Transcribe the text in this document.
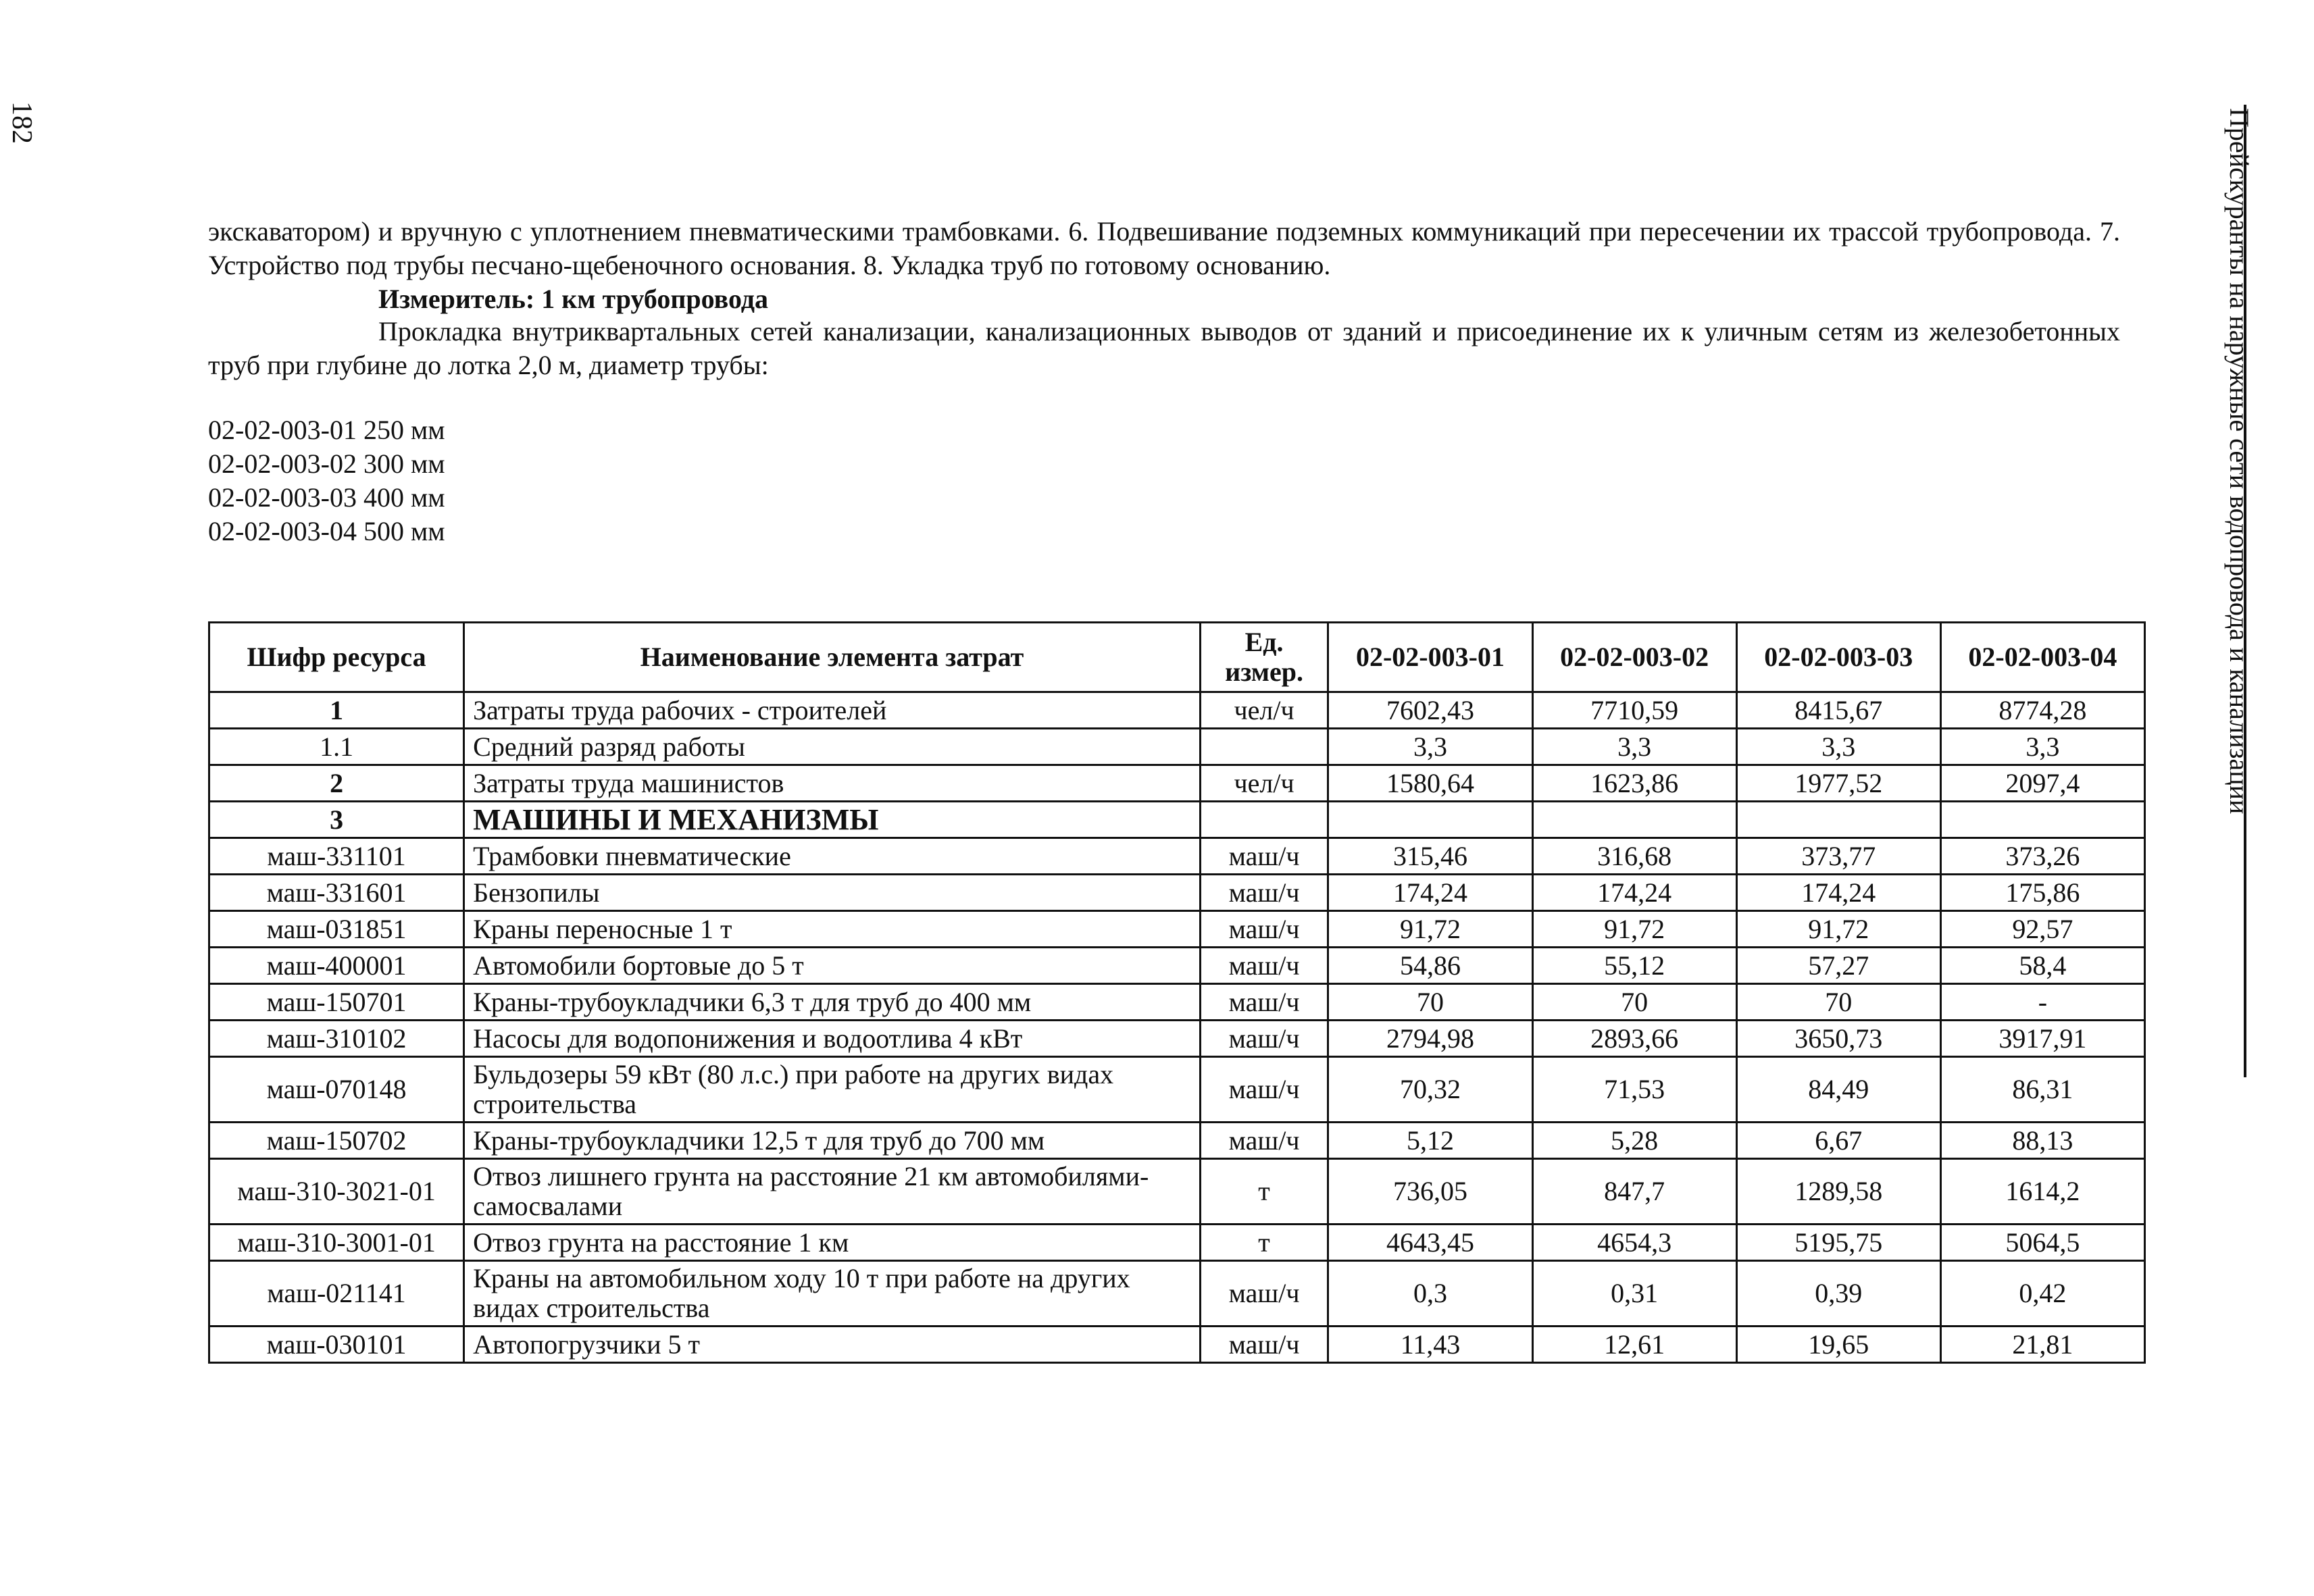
182	Прейскуранты на наружные сети водопровода и канализации
экскаватором) и вручную с уплотнением пневматическими трамбовками. 6. Подвешивание подземных коммуникаций при пересечении их трассой трубопровода. 7. Устройство под трубы песчано-щебеночного основания. 8. Укладка труб по готовому основанию.
Измеритель: 1 км трубопровода
Прокладка внутриквартальных сетей канализации, канализационных выводов от зданий и присоединение их к уличным сетям из железобетонных труб при глубине до лотка 2,0 м, диаметр трубы:
02-02-003-01 250 мм
02-02-003-02 300 мм
02-02-003-03 400 мм
02-02-003-04 500 мм
Шифр ресурса	Наименование элемента затрат	Ед. измер.	02-02-003-01	02-02-003-02	02-02-003-03	02-02-003-04
1	Затраты труда рабочих - строителей	чел/ч	7602,43	7710,59	8415,67	8774,28
1.1	Средний разряд работы		3,3	3,3	3,3	3,3
2	Затраты труда машинистов	чел/ч	1580,64	1623,86	1977,52	2097,4
3	МАШИНЫ И МЕХАНИЗМЫ					
маш-331101	Трамбовки пневматические	маш/ч	315,46	316,68	373,77	373,26
маш-331601	Бензопилы	маш/ч	174,24	174,24	174,24	175,86
маш-031851	Краны переносные 1 т	маш/ч	91,72	91,72	91,72	92,57
маш-400001	Автомобили бортовые до 5 т	маш/ч	54,86	55,12	57,27	58,4
маш-150701	Краны-трубоукладчики 6,3 т для труб до 400 мм	маш/ч	70	70	70	-
маш-310102	Насосы для водопонижения и водоотлива 4 кВт	маш/ч	2794,98	2893,66	3650,73	3917,91
маш-070148	Бульдозеры 59 кВт (80 л.с.) при работе на других видах строительства	маш/ч	70,32	71,53	84,49	86,31
маш-150702	Краны-трубоукладчики 12,5 т для труб до 700 мм	маш/ч	5,12	5,28	6,67	88,13
маш-310-3021-01	Отвоз лишнего грунта на расстояние 21 км автомобилями-самосвалами	т	736,05	847,7	1289,58	1614,2
маш-310-3001-01	Отвоз грунта на расстояние 1 км	т	4643,45	4654,3	5195,75	5064,5
маш-021141	Краны на автомобильном ходу 10 т при работе на других видах строительства	маш/ч	0,3	0,31	0,39	0,42
маш-030101	Автопогрузчики 5 т	маш/ч	11,43	12,61	19,65	21,81
